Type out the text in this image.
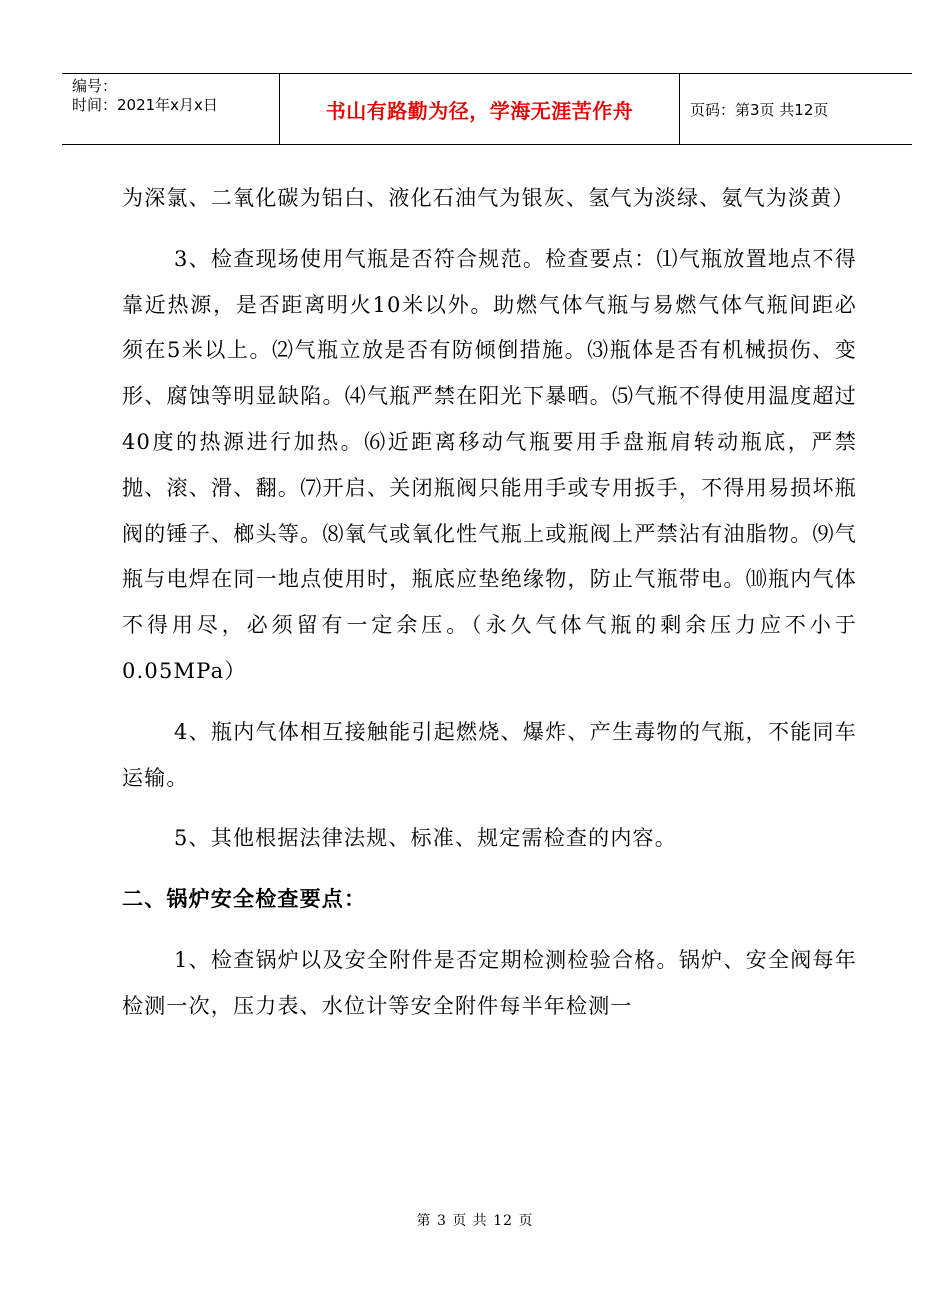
编号：
时间：2021年x月x日	书山有路勤为径，学海无涯苦作舟	页码：第3页 共12页

为深氯、二氧化碳为铝白、液化石油气为银灰、氢气为淡绿、氨气为淡黄）

3、检查现场使用气瓶是否符合规范。检查要点：⑴气瓶放置地点不得靠近热源，是否距离明火10米以外。助燃气体气瓶与易燃气体气瓶间距必须在5米以上。⑵气瓶立放是否有防倾倒措施。⑶瓶体是否有机械损伤、变形、腐蚀等明显缺陷。⑷气瓶严禁在阳光下暴晒。⑸气瓶不得使用温度超过40度的热源进行加热。⑹近距离移动气瓶要用手盘瓶肩转动瓶底，严禁抛、滚、滑、翻。⑺开启、关闭瓶阀只能用手或专用扳手，不得用易损坏瓶阀的锤子、榔头等。⑻氧气或氧化性气瓶上或瓶阀上严禁沾有油脂物。⑼气瓶与电焊在同一地点使用时，瓶底应垫绝缘物，防止气瓶带电。⑽瓶内气体不得用尽，必须留有一定余压。（永久气体气瓶的剩余压力应不小于0.05MPa）

4、瓶内气体相互接触能引起燃烧、爆炸、产生毒物的气瓶，不能同车运输。

5、其他根据法律法规、标准、规定需检查的内容。

二、锅炉安全检查要点：

1、检查锅炉以及安全附件是否定期检测检验合格。锅炉、安全阀每年检测一次，压力表、水位计等安全附件每半年检测一

第 3 页 共 12 页
